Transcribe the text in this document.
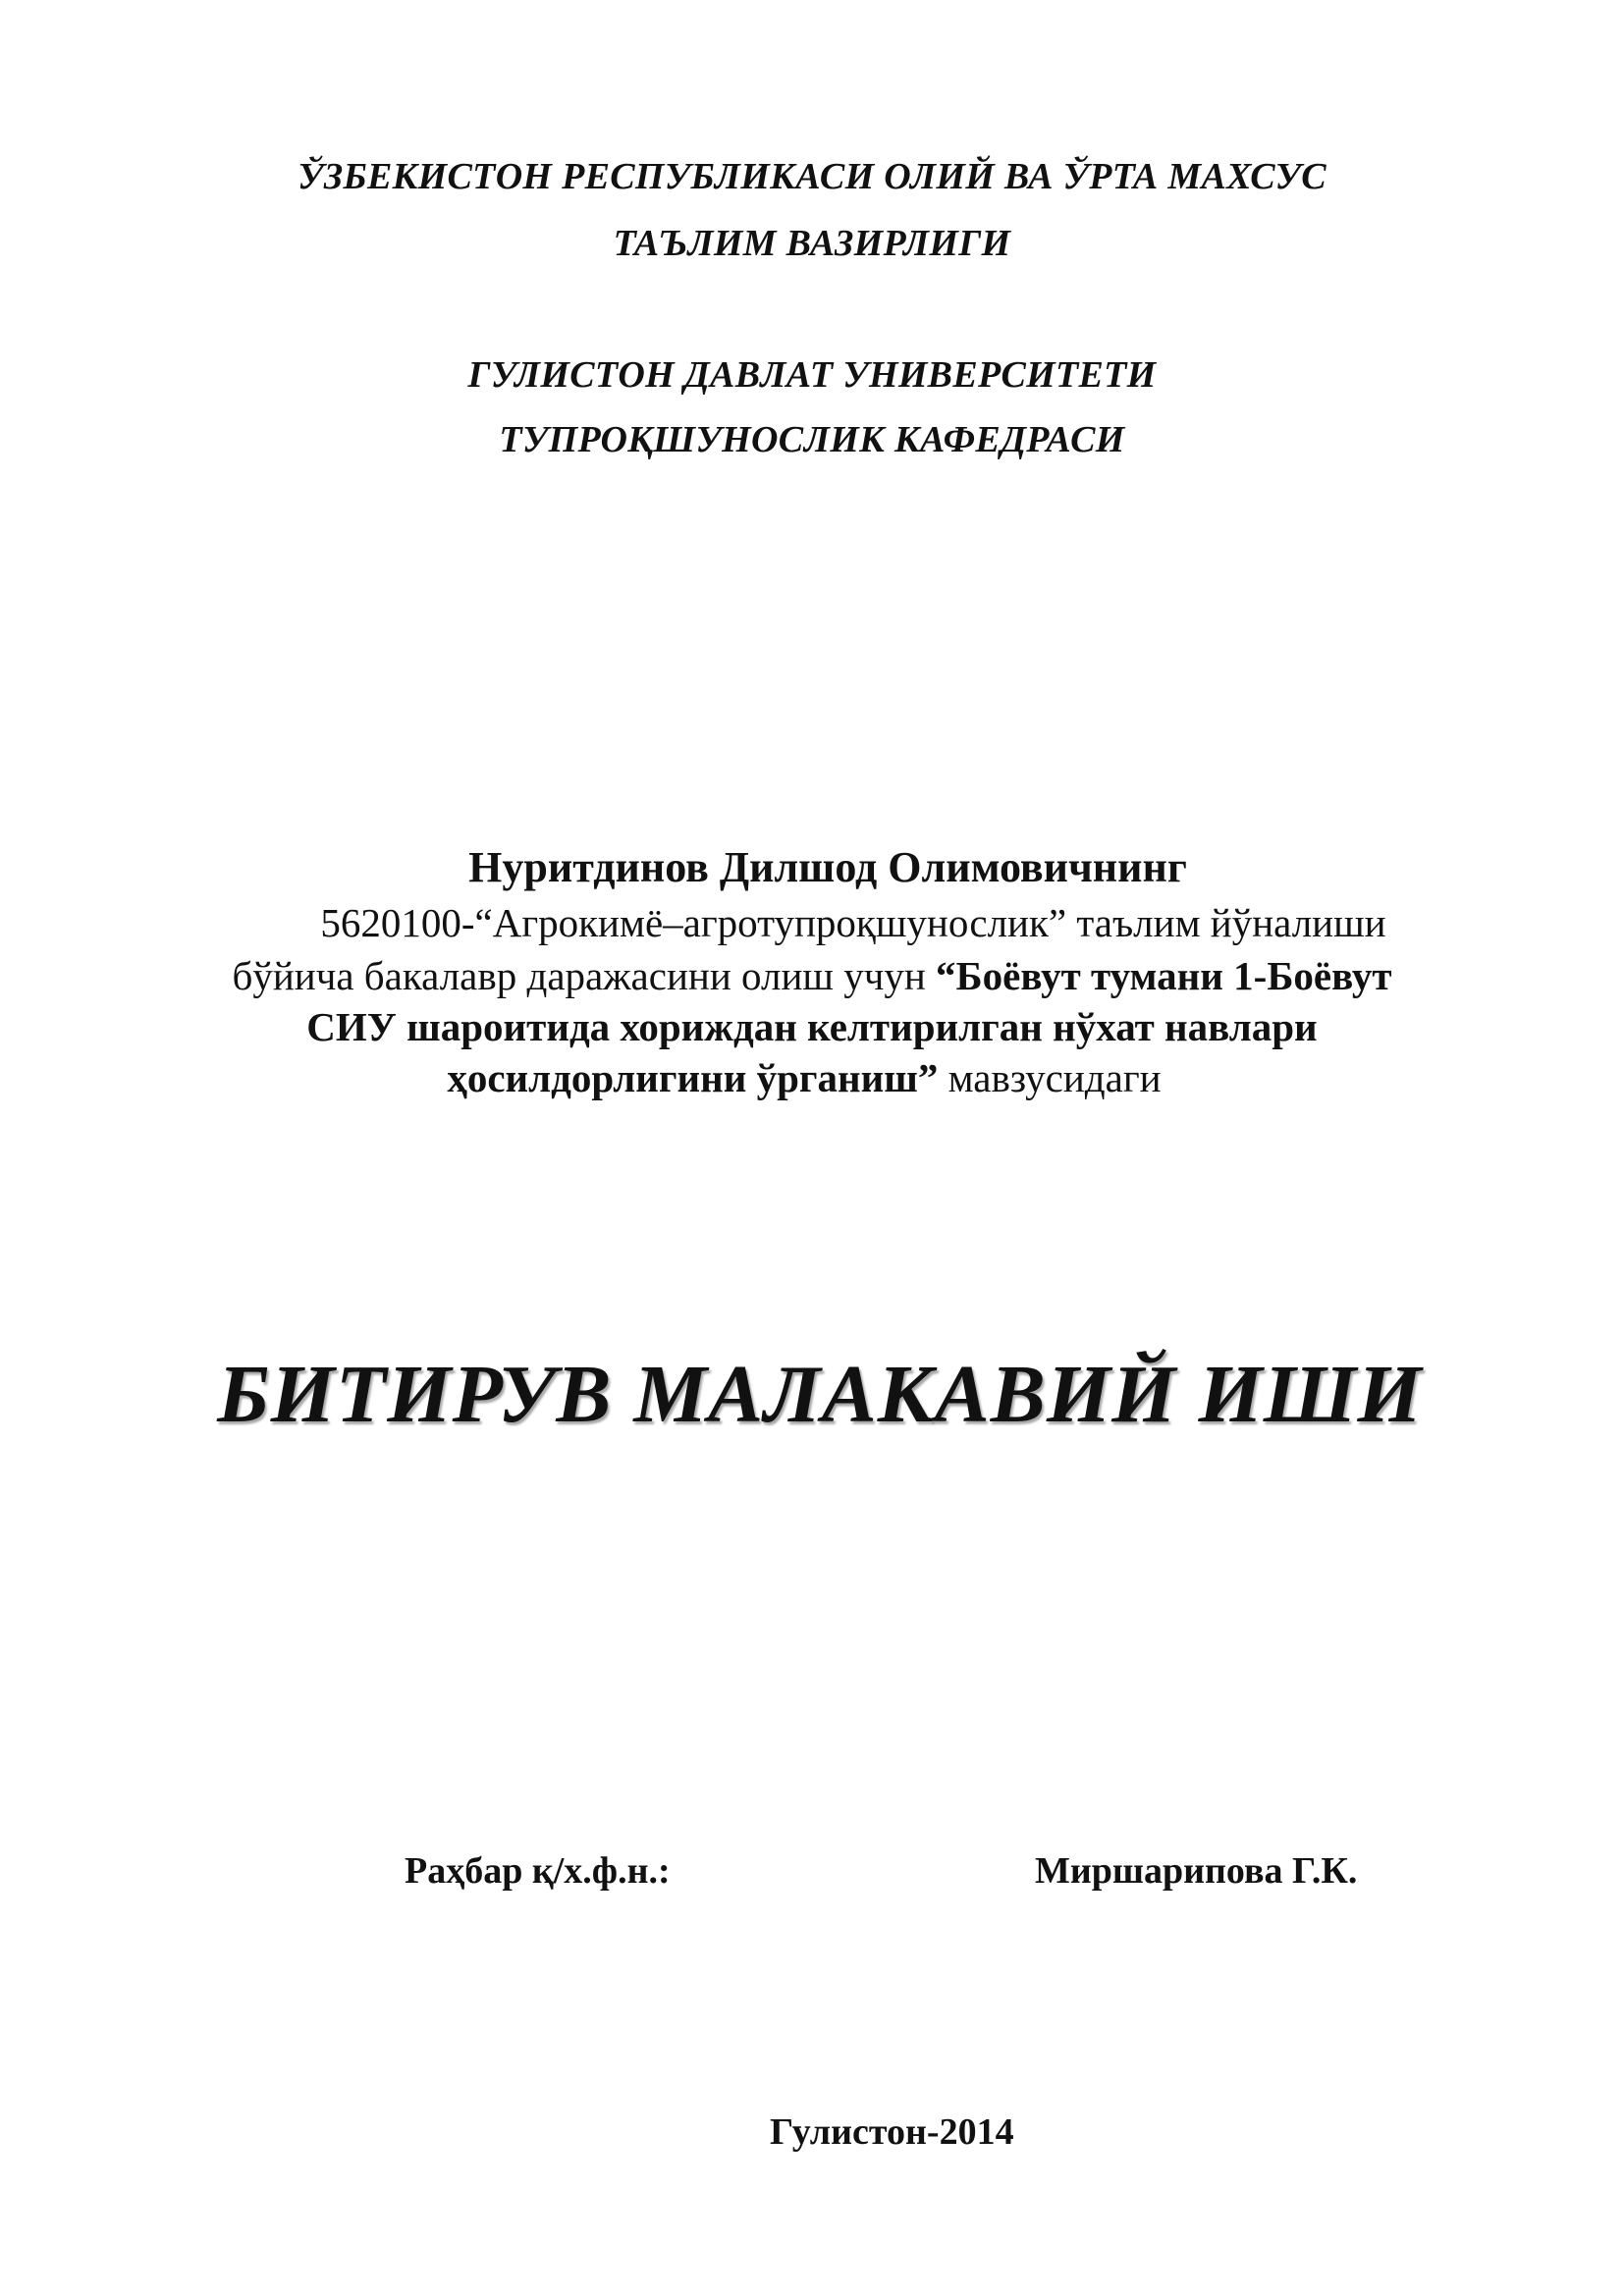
ЎЗБЕКИСТОН РЕСПУБЛИКАСИ ОЛИЙ ВА ЎРТА МАХСУС
ТАЪЛИМ ВАЗИРЛИГИ
ГУЛИСТОН ДАВЛАТ УНИВЕРСИТЕТИ
ТУПРОҚШУНОСЛИК КАФЕДРАСИ
Нуритдинов Дилшод Олимовичнинг
5620100-“Агрокимё–агротупроқшунослик” таълим йўналиши
бўйича бакалавр даражасини олиш учун “Боёвут тумани 1-Боёвут
СИУ шароитида хориждан келтирилган нўхат навлари
ҳосилдорлигини ўрганиш” мавзусидаги
БИТИРУВ МАЛАКАВИЙ ИШИ
Раҳбар қ/х.ф.н.:	Миршарипова Г.К.
Гулистон-2014
